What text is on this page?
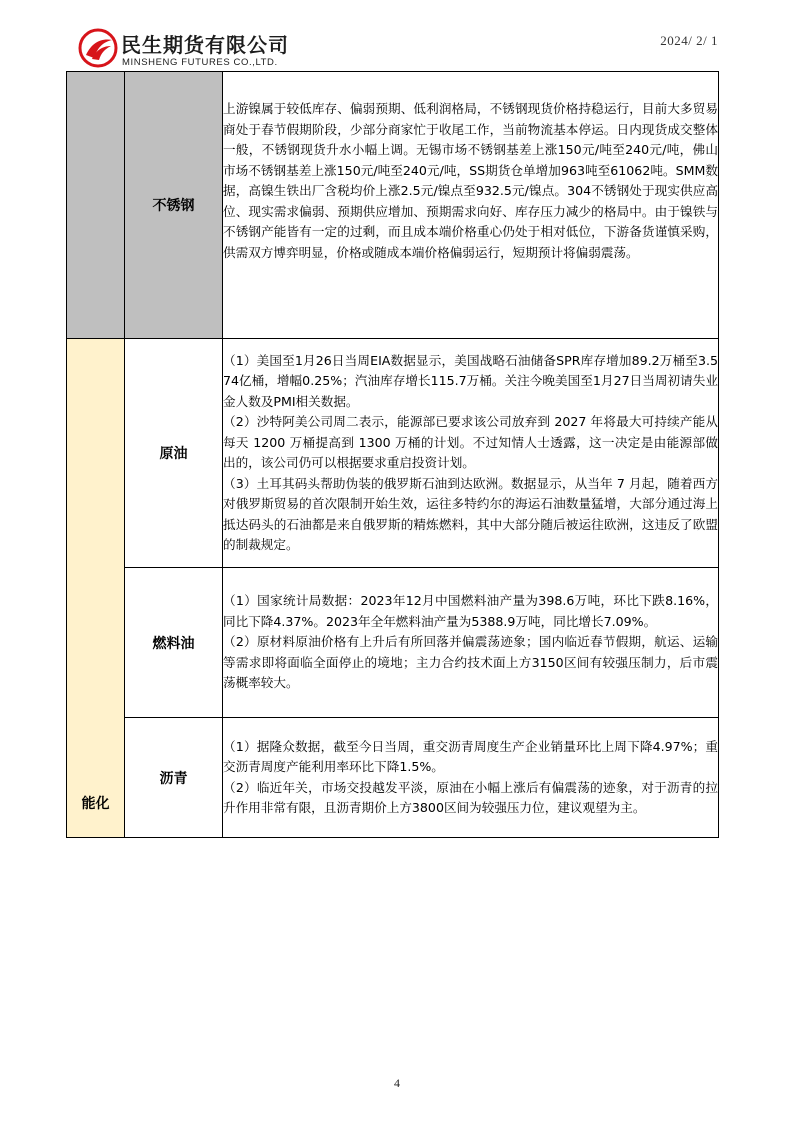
民生期货有限公司
MINSHENG FUTURES CO.,LTD.
2024/ 2/ 1
	不锈钢	上游镍属于较低库存、偏弱预期、低利润格局，不锈钢现货价格持稳运行，目前大多贸易商处于春节假期阶段，少部分商家忙于收尾工作，当前物流基本停运。日内现货成交整体一般，不锈钢现货升水小幅上调。无锡市场不锈钢基差上涨150元/吨至240元/吨，佛山市场不锈钢基差上涨150元/吨至240元/吨，SS期货仓单增加963吨至61062吨。SMM数据，高镍生铁出厂含税均价上涨2.5元/镍点至932.5元/镍点。304不锈钢处于现实供应高位、现实需求偏弱、预期供应增加、预期需求向好、库存压力减少的格局中。由于镍铁与不锈钢产能皆有一定的过剩，而且成本端价格重心仍处于相对低位，下游备货谨慎采购，供需双方博弈明显，价格或随成本端价格偏弱运行，短期预计将偏弱震荡。

能化	原油	（1）美国至1月26日当周EIA数据显示，美国战略石油储备SPR库存增加89.2万桶至3.574亿桶，增幅0.25%；汽油库存增长115.7万桶。关注今晚美国至1月27日当周初请失业金人数及PMI相关数据。

（2）沙特阿美公司周二表示，能源部已要求该公司放弃到 2027 年将最大可持续产能从每天 1200 万桶提高到 1300 万桶的计划。不过知情人士透露，这一决定是由能源部做出的，该公司仍可以根据要求重启投资计划。

（3）土耳其码头帮助伪装的俄罗斯石油到达欧洲。数据显示，从当年 7 月起，随着西方对俄罗斯贸易的首次限制开始生效，运往多特约尔的海运石油数量猛增，大部分通过海上抵达码头的石油都是来自俄罗斯的精炼燃料，其中大部分随后被运往欧洲，这违反了欧盟的制裁规定。

	燃料油	（1）国家统计局数据：2023年12月中国燃料油产量为398.6万吨，环比下跌8.16%，同比下降4.37%。2023年全年燃料油产量为5388.9万吨，同比增长7.09%。

（2）原材料原油价格有上升后有所回落并偏震荡迹象；国内临近春节假期，航运、运输等需求即将面临全面停止的境地；主力合约技术面上方3150区间有较强压制力，后市震荡概率较大。

	沥青	（1）据隆众数据，截至今日当周，重交沥青周度生产企业销量环比上周下降4.97%；重交沥青周度产能利用率环比下降1.5%。

（2）临近年关，市场交投越发平淡，原油在小幅上涨后有偏震荡的迹象，对于沥青的拉升作用非常有限，且沥青期价上方3800区间为较强压力位，建议观望为主。

4
